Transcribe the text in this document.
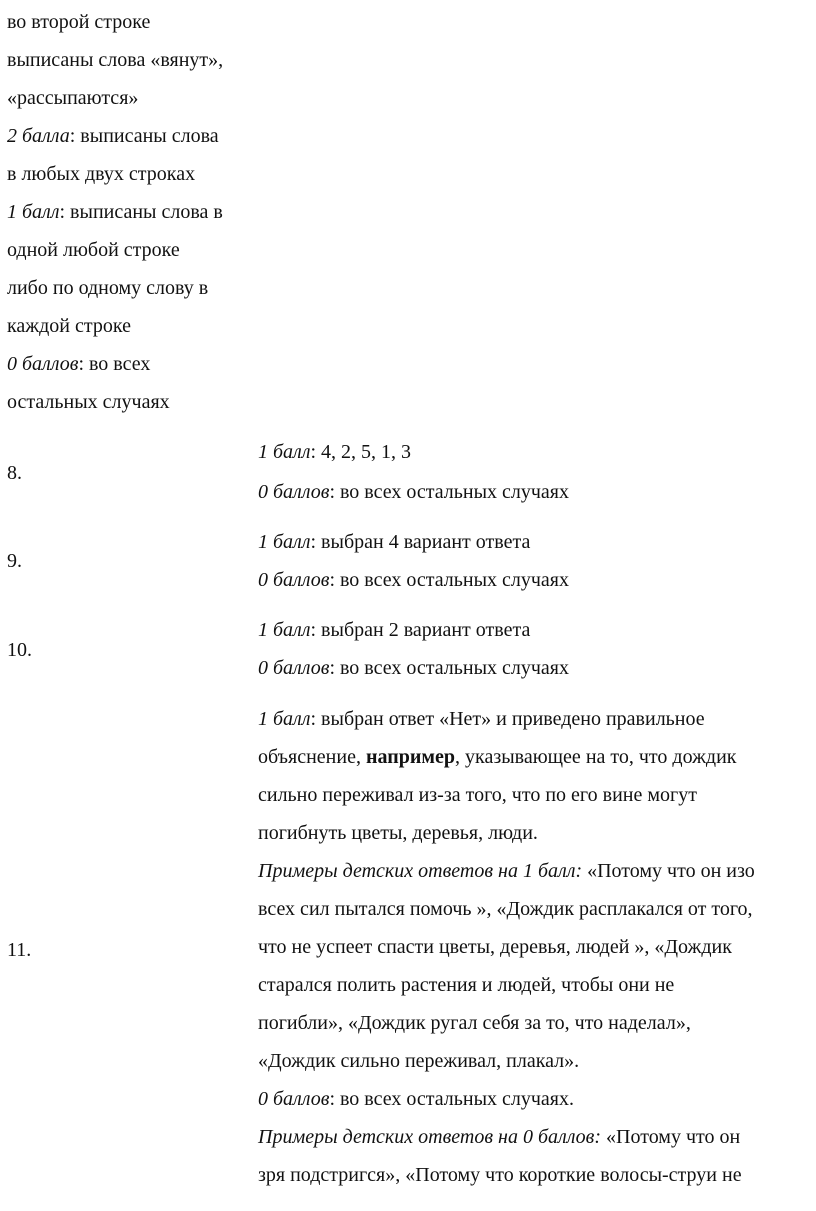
во второй строке
выписаны слова «вянут»,
«рассыпаются»
2 балла: выписаны слова
в любых двух строках
1 балл: выписаны слова в
одной любой строке
либо по одному слову в
каждой строке
0 баллов: во всех
остальных случаях
8.
1 балл: 4, 2, 5, 1, 3
0 баллов: во всех остальных случаях
9.
1 балл: выбран 4 вариант ответа
0 баллов: во всех остальных случаях
10.
1 балл: выбран 2 вариант ответа
0 баллов: во всех остальных случаях
11.
1 балл: выбран ответ «Нет» и приведено правильное
объяснение, например, указывающее на то, что дождик
сильно переживал из-за того, что по его вине могут
погибнуть цветы, деревья, люди.
Примеры детских ответов на 1 балл: «Потому что он изо
всех сил пытался помочь », «Дождик расплакался от того,
что не успеет спасти цветы, деревья, людей », «Дождик
старался полить растения и людей, чтобы они не
погибли», «Дождик ругал себя за то, что наделал»,
«Дождик сильно переживал, плакал».
0 баллов: во всех остальных случаях.
Примеры детских ответов на 0 баллов: «Потому что он
зря подстригся», «Потому что короткие волосы-струи не
